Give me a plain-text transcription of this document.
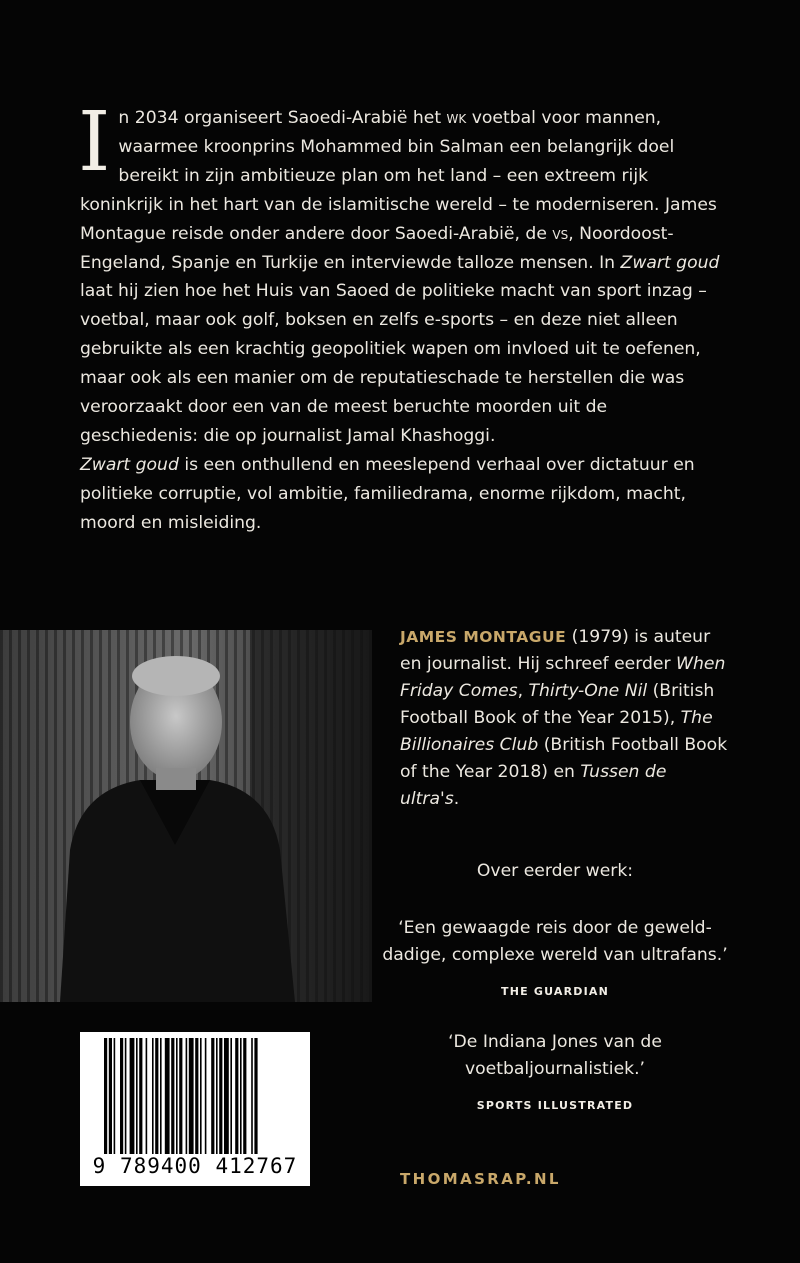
In 2034 organiseert Saoedi-Arabië het wk voetbal voor mannen, waarmee kroonprins Mohammed bin Salman een belangrijk doel bereikt in zijn ambitieuze plan om het land – een extreem rijk koninkrijk in het hart van de islamitische wereld – te moderniseren. James Montague reisde onder andere door Saoedi-Arabië, de vs, Noordoost-Engeland, Spanje en Turkije en interviewde talloze mensen. In Zwart goud laat hij zien hoe het Huis van Saoed de politieke macht van sport inzag – voetbal, maar ook golf, boksen en zelfs e-sports – en deze niet alleen gebruikte als een krachtig geopolitiek wapen om invloed uit te oefenen, maar ook als een manier om de reputatieschade te herstellen die was veroorzaakt door een van de meest beruchte moorden uit de geschiedenis: die op journalist Jamal Khashoggi.

Zwart goud is een onthullend en meeslepend verhaal over dictatuur en politieke corruptie, vol ambitie, familiedrama, enorme rijkdom, macht, moord en misleiding.

JAMES MONTAGUE (1979) is auteur en journalist. Hij schreef eerder When Friday Comes, Thirty-One Nil (British Football Book of the Year 2015), The Billionaires Club (British Football Book of the Year 2018) en Tussen de ultra's.
Over eerder werk:

‘Een gewaagde reis door de gewelddadige, complexe wereld van ultrafans.’

THE GUARDIAN

‘De Indiana Jones van de voetbaljournalistiek.’

SPORTS ILLUSTRATED
9 789400 412767
THOMASRAP.NL
